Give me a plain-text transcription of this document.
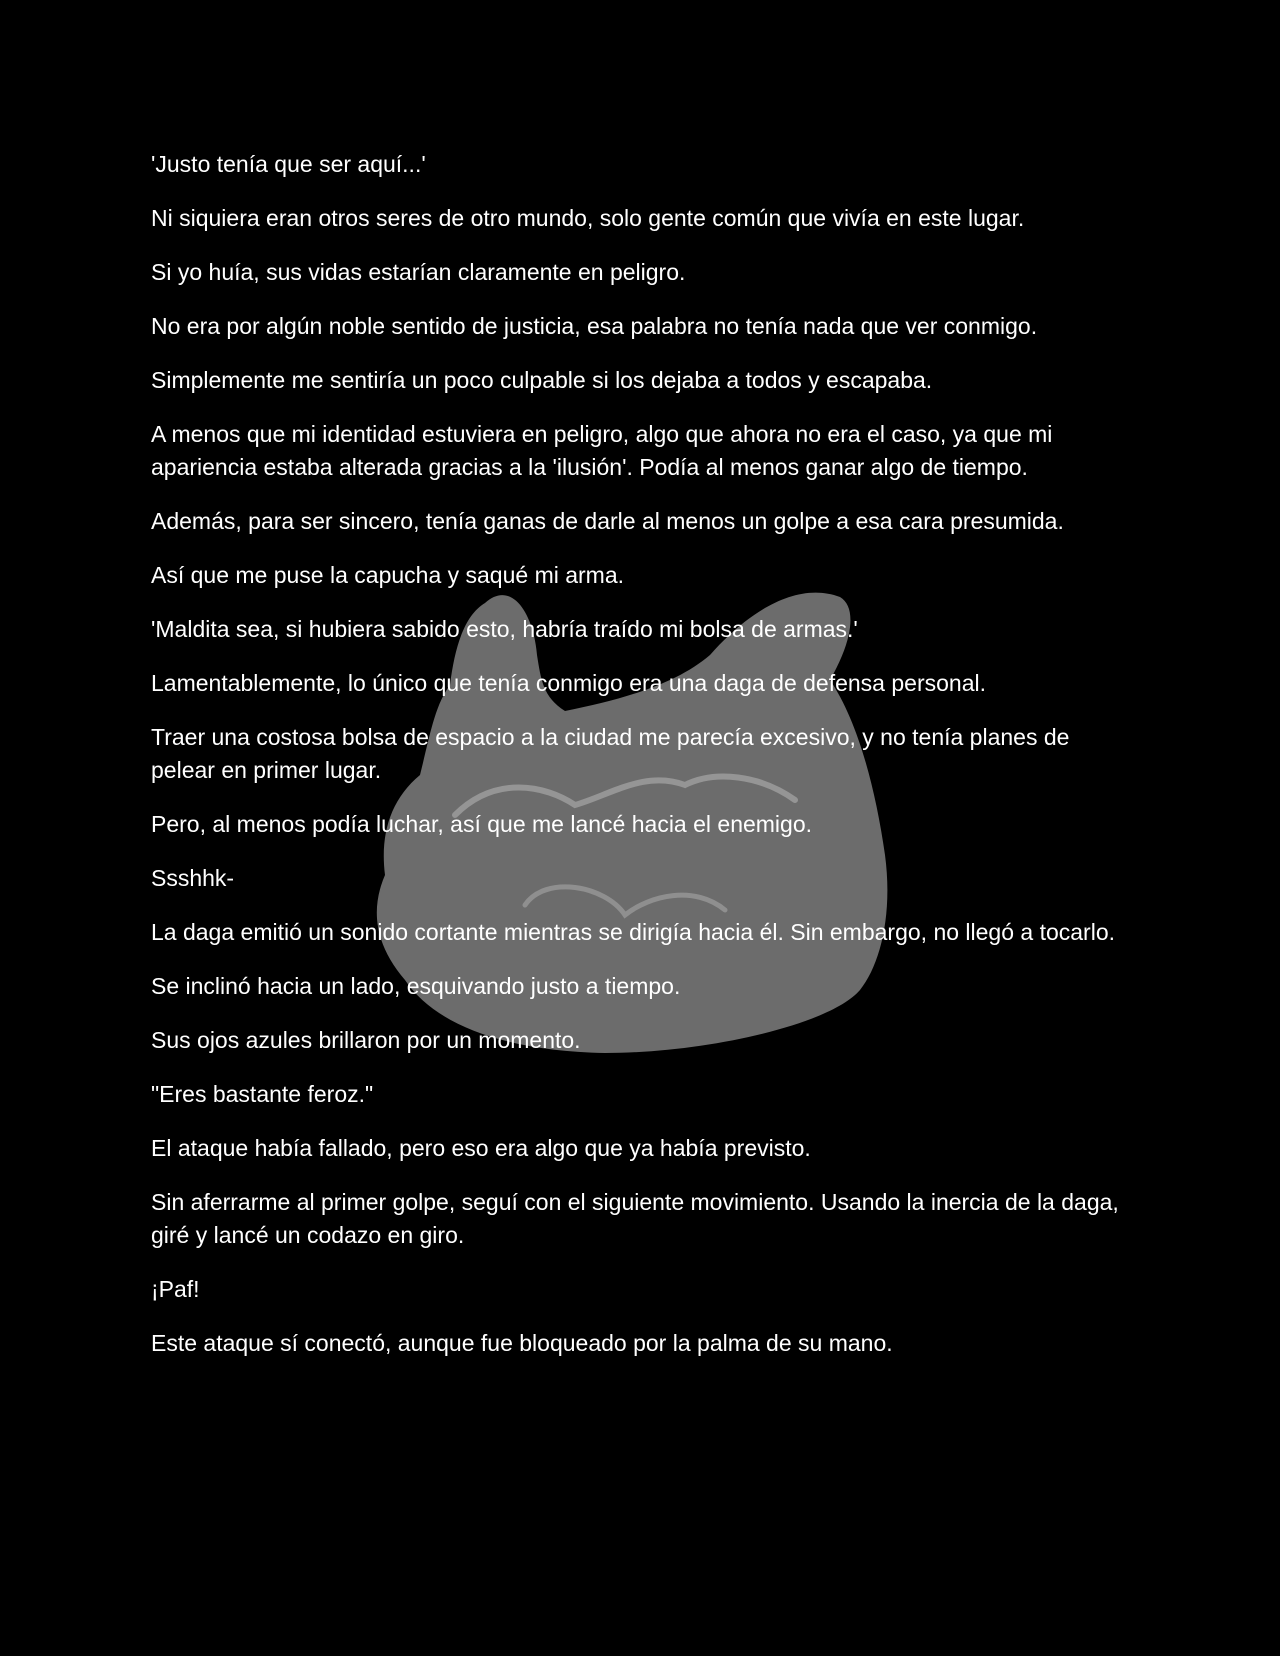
'Justo tenía que ser aquí...'

Ni siquiera eran otros seres de otro mundo, solo gente común que vivía en este lugar.

Si yo huía, sus vidas estarían claramente en peligro.

No era por algún noble sentido de justicia, esa palabra no tenía nada que ver conmigo.

Simplemente me sentiría un poco culpable si los dejaba a todos y escapaba.

A menos que mi identidad estuviera en peligro, algo que ahora no era el caso, ya que mi apariencia estaba alterada gracias a la 'ilusión'. Podía al menos ganar algo de tiempo.

Además, para ser sincero, tenía ganas de darle al menos un golpe a esa cara presumida.

Así que me puse la capucha y saqué mi arma.

'Maldita sea, si hubiera sabido esto, habría traído mi bolsa de armas.'

Lamentablemente, lo único que tenía conmigo era una daga de defensa personal.

Traer una costosa bolsa de espacio a la ciudad me parecía excesivo, y no tenía planes de pelear en primer lugar.

Pero, al menos podía luchar, así que me lancé hacia el enemigo.

Ssshhk-

La daga emitió un sonido cortante mientras se dirigía hacia él. Sin embargo, no llegó a tocarlo.

Se inclinó hacia un lado, esquivando justo a tiempo.

Sus ojos azules brillaron por un momento.

"Eres bastante feroz."

El ataque había fallado, pero eso era algo que ya había previsto.

Sin aferrarme al primer golpe, seguí con el siguiente movimiento. Usando la inercia de la daga, giré y lancé un codazo en giro.

¡Paf!

Este ataque sí conectó, aunque fue bloqueado por la palma de su mano.
